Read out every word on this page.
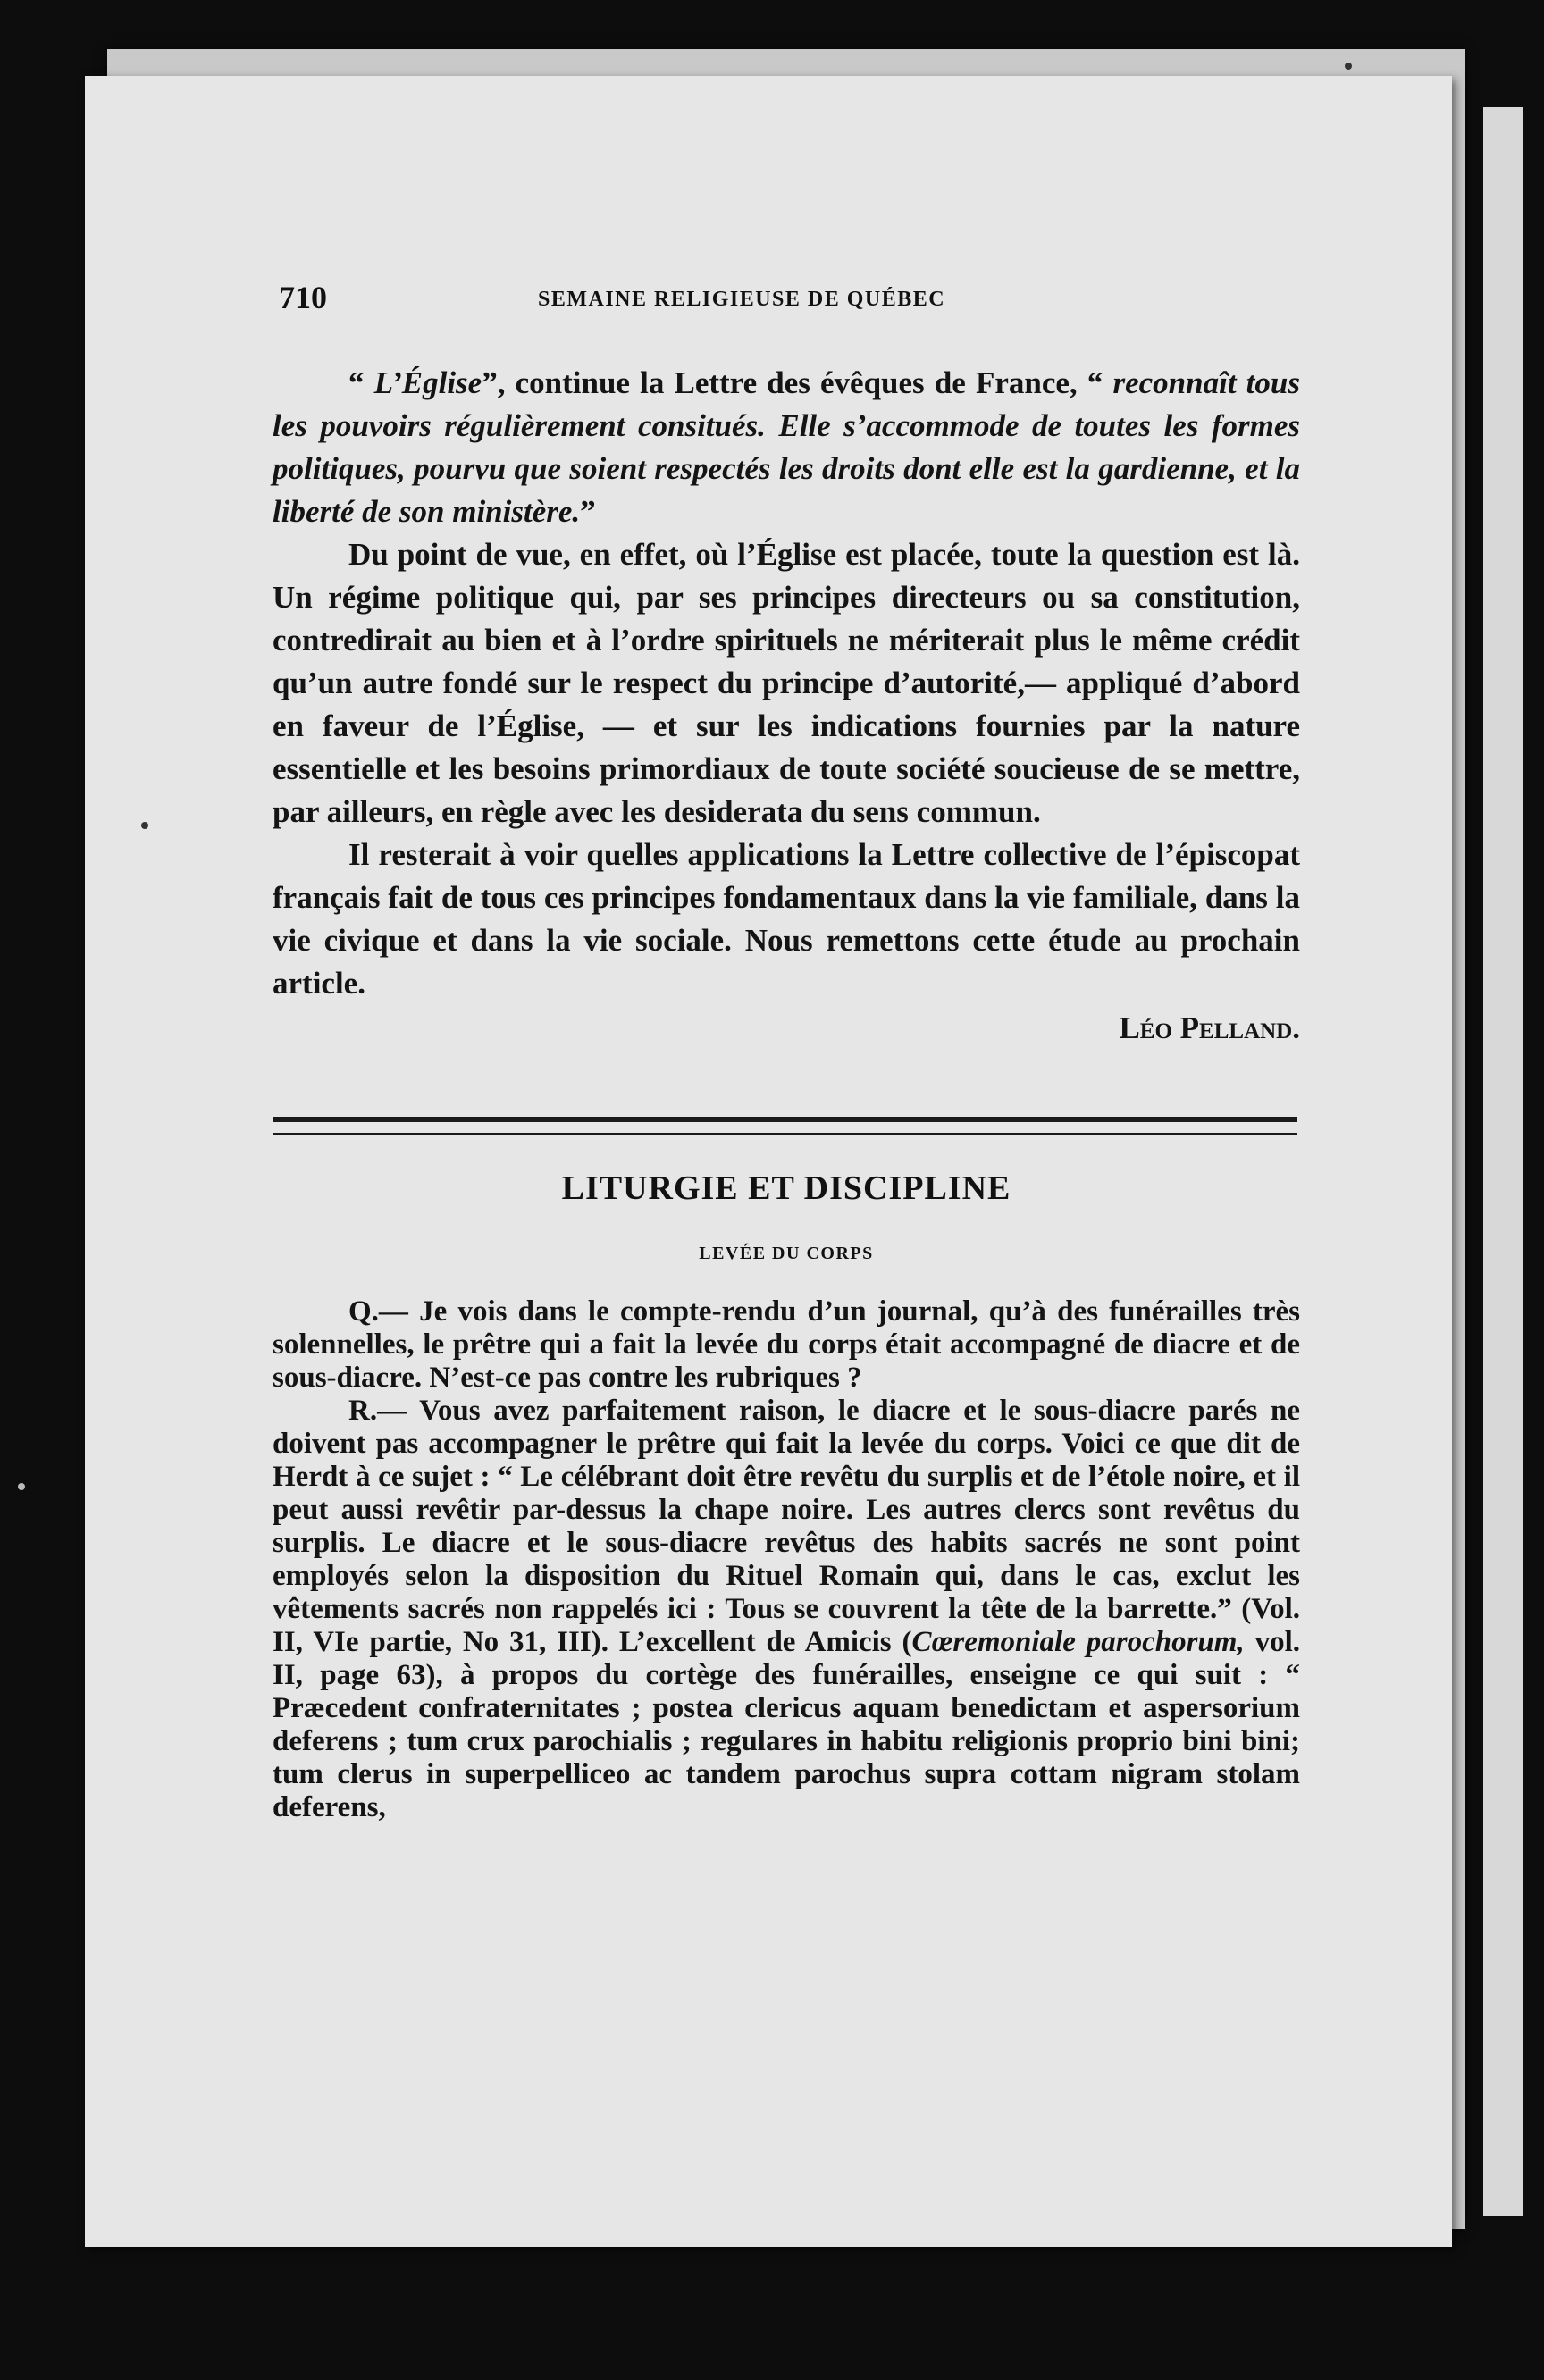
710	SEMAINE RELIGIEUSE DE QUÉBEC

“ L’Église”, continue la Lettre des évêques de France, “ reconnaît tous les pouvoirs régulièrement consitués. Elle s’accommode de toutes les formes politiques, pourvu que soient respectés les droits dont elle est la gardienne, et la liberté de son ministère.”

Du point de vue, en effet, où l’Église est placée, toute la question est là. Un régime politique qui, par ses principes directeurs ou sa constitution, contredirait au bien et à l’ordre spirituels ne mériterait plus le même crédit qu’un autre fondé sur le respect du principe d’autorité,— appliqué d’abord en faveur de l’Église, — et sur les indications fournies par la nature essentielle et les besoins primordiaux de toute société soucieuse de se mettre, par ailleurs, en règle avec les desiderata du sens commun.

Il resterait à voir quelles applications la Lettre collective de l’épiscopat français fait de tous ces principes fondamentaux dans la vie familiale, dans la vie civique et dans la vie sociale. Nous remettons cette étude au prochain article.

Léo Pelland.

LITURGIE ET DISCIPLINE
LEVÉE DU CORPS

Q.— Je vois dans le compte-rendu d’un journal, qu’à des funérailles très solennelles, le prêtre qui a fait la levée du corps était accompagné de diacre et de sous-diacre. N’est-ce pas contre les rubriques ?

R.— Vous avez parfaitement raison, le diacre et le sous-diacre parés ne doivent pas accompagner le prêtre qui fait la levée du corps. Voici ce que dit de Herdt à ce sujet : “ Le célébrant doit être revêtu du surplis et de l’étole noire, et il peut aussi revêtir par-dessus la chape noire. Les autres clercs sont revêtus du surplis. Le diacre et le sous-diacre revêtus des habits sacrés ne sont point employés selon la disposition du Rituel Romain qui, dans le cas, exclut les vêtements sacrés non rappelés ici : Tous se couvrent la tête de la barrette.” (Vol. II, VIe partie, No 31, III). L’excellent de Amicis (Cœremoniale parochorum, vol. II, page 63), à propos du cortège des funérailles, enseigne ce qui suit : “ Præcedent confraternitates ; postea clericus aquam benedictam et aspersorium deferens ; tum crux parochialis ; regulares in habitu religionis proprio bini bini; tum clerus in superpelliceo ac tandem parochus supra cottam nigram stolam deferens,
